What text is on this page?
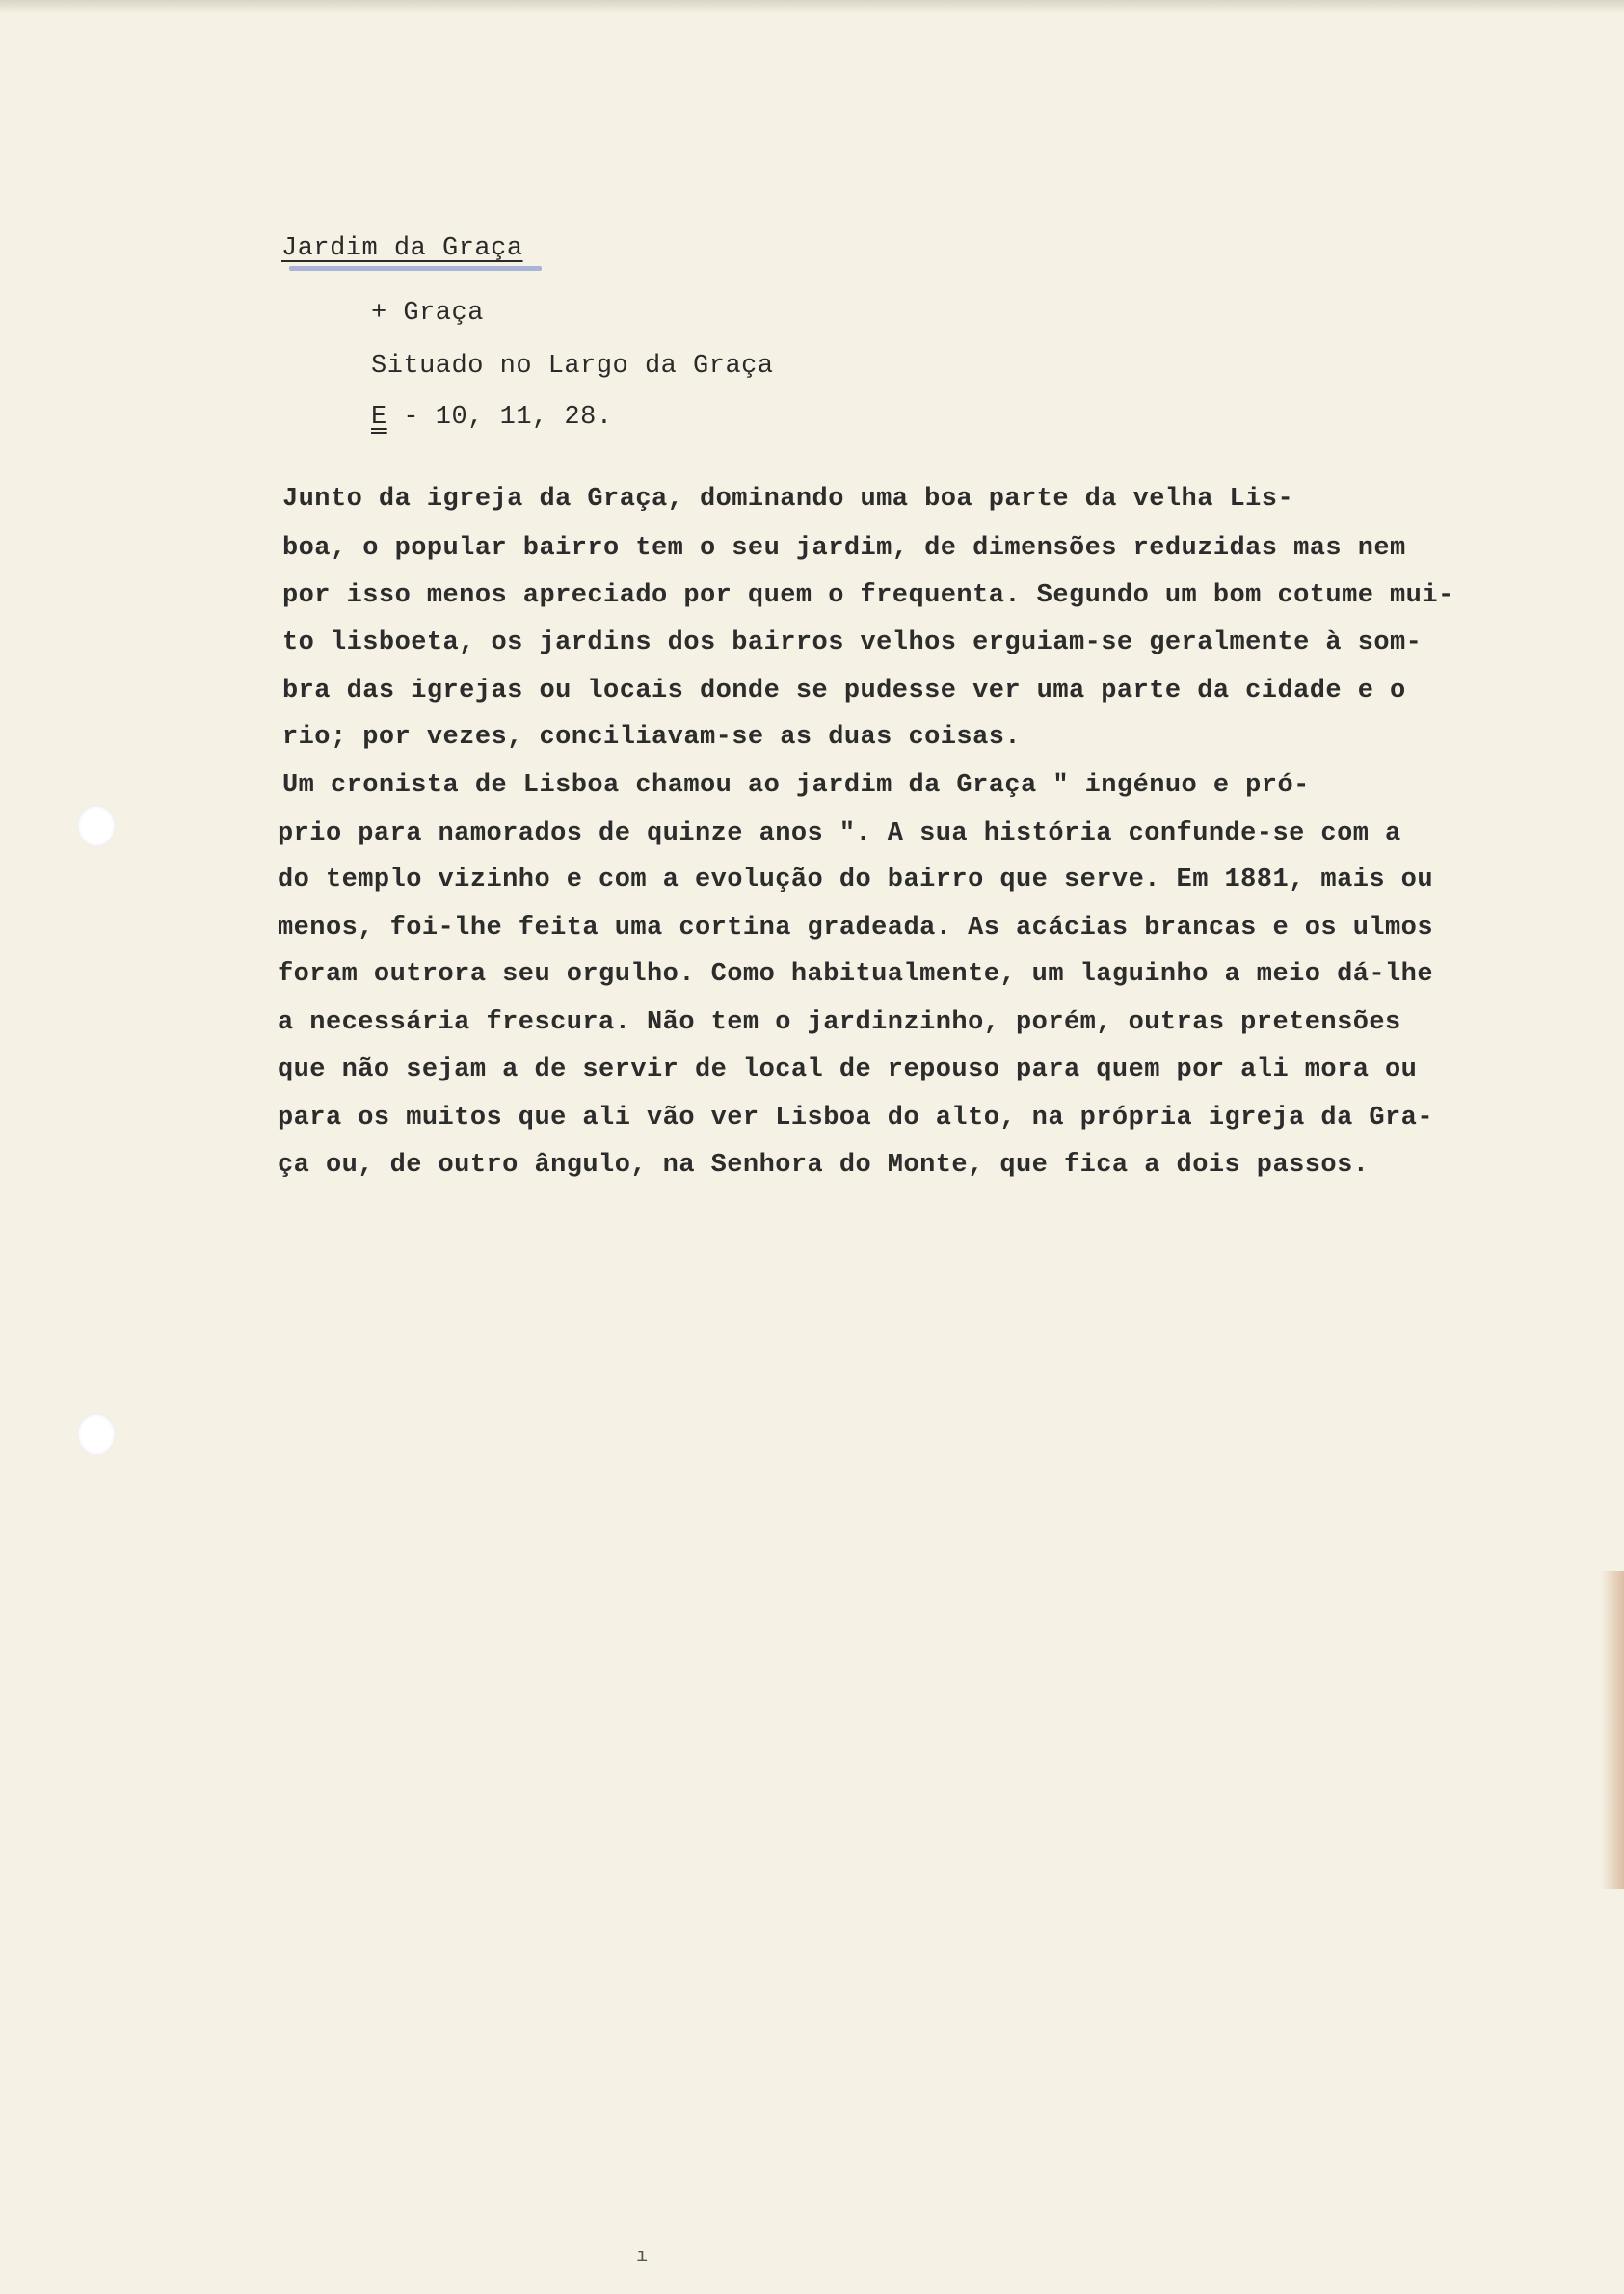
Jardim da Graça
+ Graça
Situado no Largo da Graça
E - 10, 11, 28.
Junto da igreja da Graça, dominando uma boa parte da velha Lis-
boa, o popular bairro tem o seu jardim, de dimensões reduzidas mas nem
por isso menos apreciado por quem o frequenta. Segundo um bom cotume mui-
to lisboeta, os jardins dos bairros velhos erguiam-se geralmente à som-
bra das igrejas ou locais donde se pudesse ver uma parte da cidade e o
rio; por vezes, conciliavam-se as duas coisas.
Um cronista de Lisboa chamou ao jardim da Graça " ingénuo e pró-
prio para namorados de quinze anos ". A sua história confunde-se com a
do templo vizinho e com a evolução do bairro que serve. Em 1881, mais ou
menos, foi-lhe feita uma cortina gradeada. As acácias brancas e os ulmos
foram outrora seu orgulho. Como habitualmente, um laguinho a meio dá-lhe
a necessária frescura. Não tem o jardinzinho, porém, outras pretensões
que não sejam a de servir de local de repouso para quem por ali mora ou
para os muitos que ali vão ver Lisboa do alto, na própria igreja da Gra-
ça ou, de outro ângulo, na Senhora do Monte, que fica a dois passos.
ı
